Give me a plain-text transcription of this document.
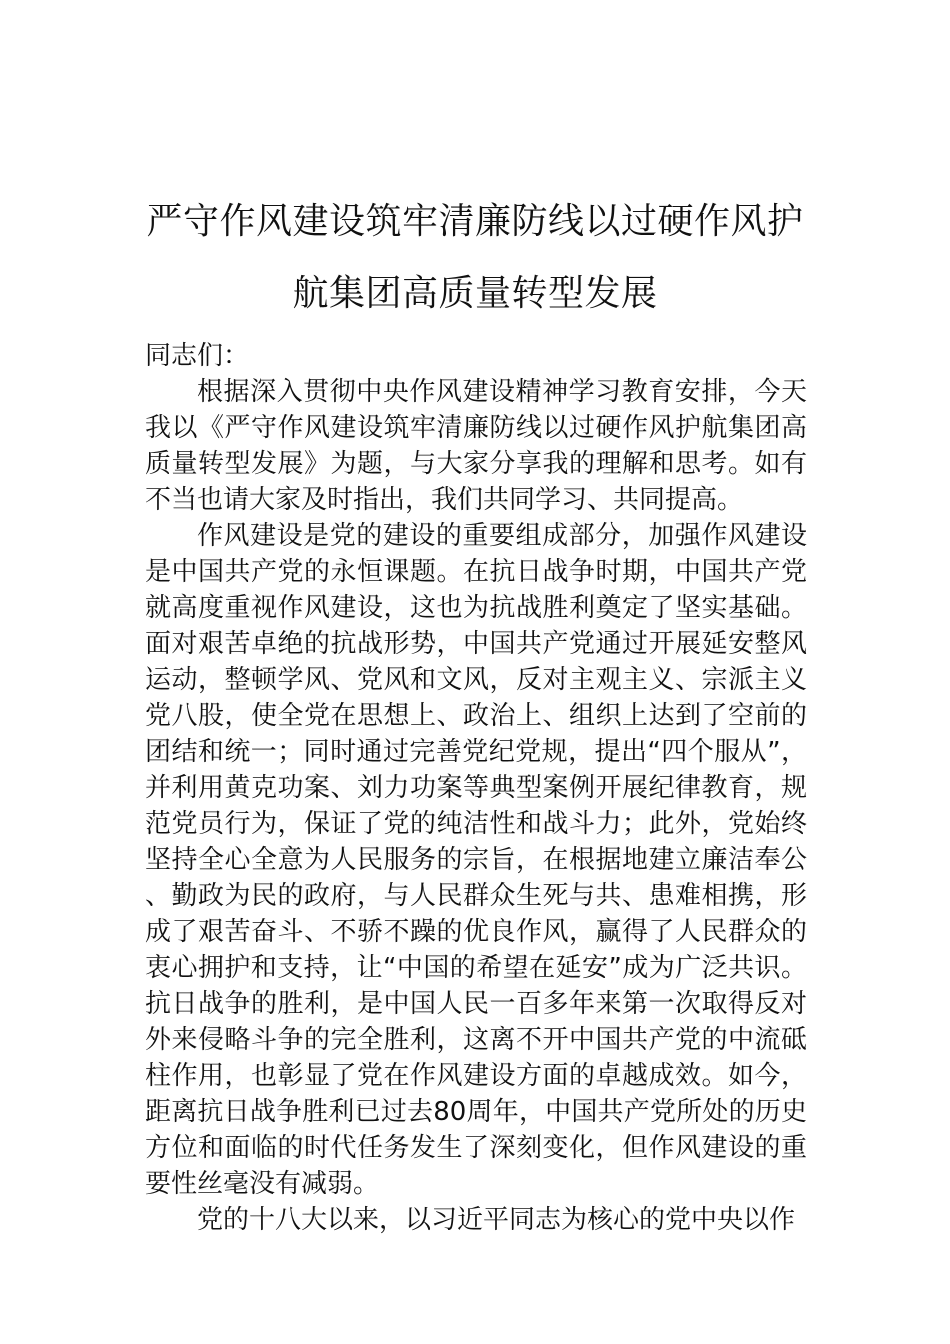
严守作风建设筑牢清廉防线以过硬作风护
航集团高质量转型发展

同志们：

根据深入贯彻中央作风建设精神学习教育安排，今天我以《严守作风建设筑牢清廉防线以过硬作风护航集团高质量转型发展》为题，与大家分享我的理解和思考。如有不当也请大家及时指出，我们共同学习、共同提高。

作风建设是党的建设的重要组成部分，加强作风建设是中国共产党的永恒课题。在抗日战争时期，中国共产党就高度重视作风建设，这也为抗战胜利奠定了坚实基础。面对艰苦卓绝的抗战形势，中国共产党通过开展延安整风运动，整顿学风、党风和文风，反对主观主义、宗派主义党八股，使全党在思想上、政治上、组织上达到了空前的团结和统一；同时通过完善党纪党规，提出“四个服从”，并利用黄克功案、刘力功案等典型案例开展纪律教育，规范党员行为，保证了党的纯洁性和战斗力；此外，党始终坚持全心全意为人民服务的宗旨，在根据地建立廉洁奉公、勤政为民的政府，与人民群众生死与共、患难相携，形成了艰苦奋斗、不骄不躁的优良作风，赢得了人民群众的衷心拥护和支持，让“中国的希望在延安”成为广泛共识。抗日战争的胜利，是中国人民一百多年来第一次取得反对外来侵略斗争的完全胜利，这离不开中国共产党的中流砥柱作用，也彰显了党在作风建设方面的卓越成效。如今，距离抗日战争胜利已过去80周年，中国共产党所处的历史方位和面临的时代任务发生了深刻变化，但作风建设的重要性丝毫没有减弱。

党的十八大以来，以习近平同志为核心的党中央以作
